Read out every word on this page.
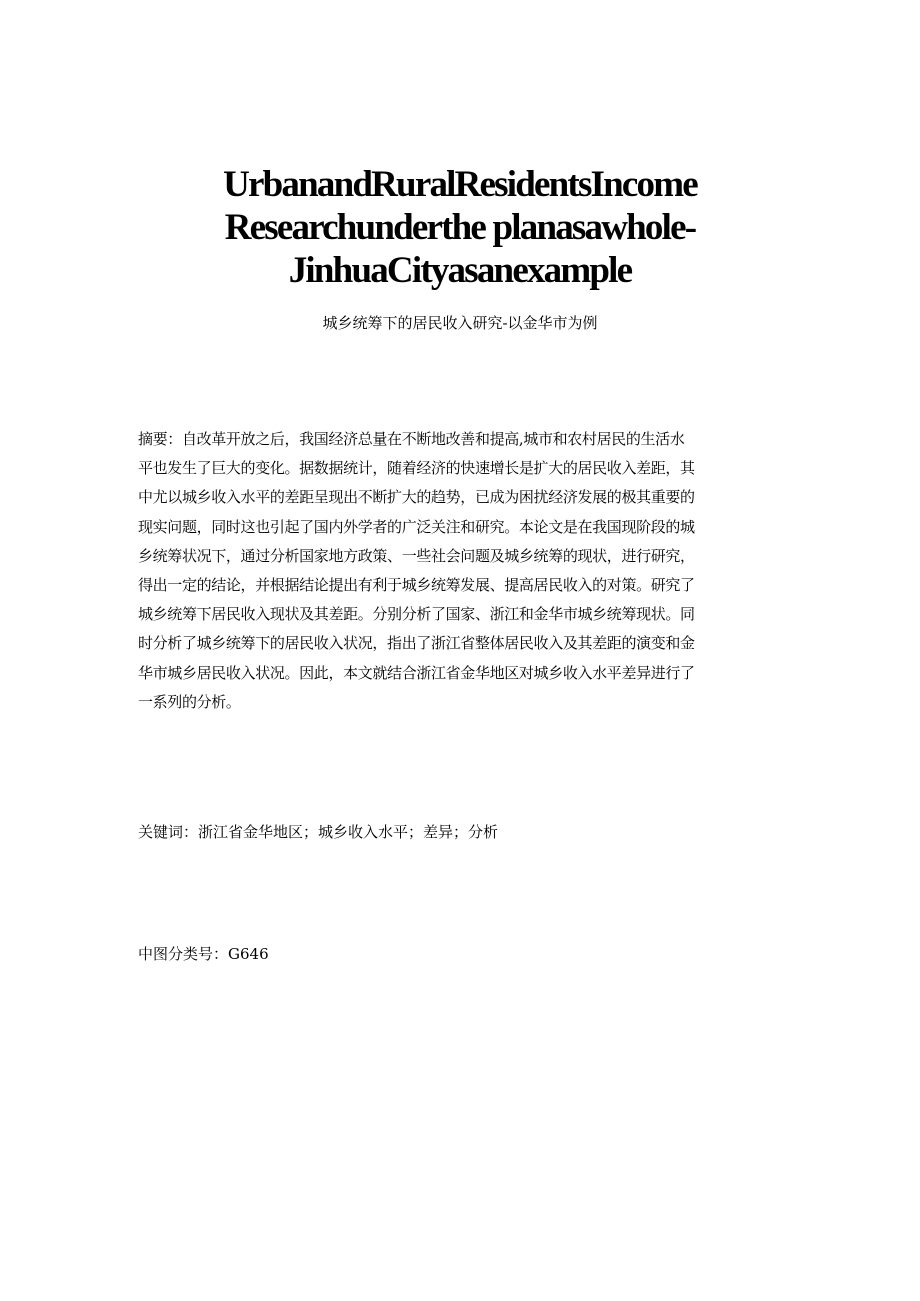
UrbanandRuralResidentsIncome
Researchunderthe planasawhole-
JinhuaCityasanexample
城乡统筹下的居民收入研究-以金华市为例

摘要：自改革开放之后，我国经济总量在不断地改善和提高,城市和农村居民的生活水
平也发生了巨大的变化。据数据统计，随着经济的快速增长是扩大的居民收入差距，其
中尤以城乡收入水平的差距呈现出不断扩大的趋势，已成为困扰经济发展的极其重要的
现实问题，同时这也引起了国内外学者的广泛关注和研究。本论文是在我国现阶段的城
乡统筹状况下，通过分析国家地方政策、一些社会问题及城乡统筹的现状，进行研究，
得出一定的结论，并根据结论提出有利于城乡统筹发展、提高居民收入的对策。研究了
城乡统筹下居民收入现状及其差距。分别分析了国家、浙江和金华市城乡统筹现状。同
时分析了城乡统筹下的居民收入状况，指出了浙江省整体居民收入及其差距的演变和金
华市城乡居民收入状况。因此，本文就结合浙江省金华地区对城乡收入水平差异进行了
一系列的分析。

关键词：浙江省金华地区；城乡收入水平；差异；分析
中图分类号：G646
